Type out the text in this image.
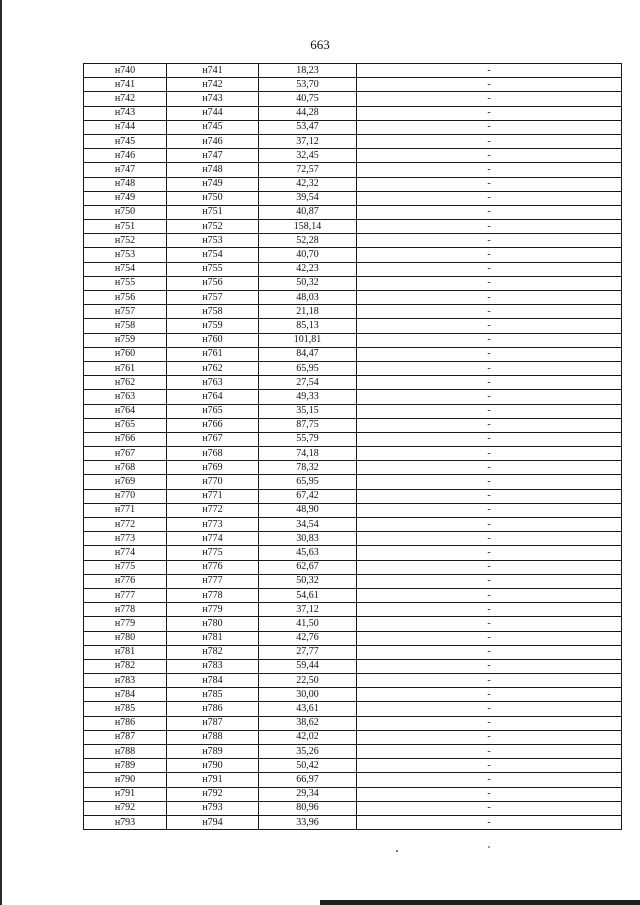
663
н740	н741	18,23	-
н741	н742	53,70	-
н742	н743	40,75	-
н743	н744	44,28	-
н744	н745	53,47	-
н745	н746	37,12	-
н746	н747	32,45	-
н747	н748	72,57	-
н748	н749	42,32	-
н749	н750	39,54	-
н750	н751	40,87	-
н751	н752	158,14	-
н752	н753	52,28	-
н753	н754	40,70	-
н754	н755	42,23	-
н755	н756	50,32	-
н756	н757	48,03	-
н757	н758	21,18	-
н758	н759	85,13	-
н759	н760	101,81	-
н760	н761	84,47	-
н761	н762	65,95	-
н762	н763	27,54	-
н763	н764	49,33	-
н764	н765	35,15	-
н765	н766	87,75	-
н766	н767	55,79	-
н767	н768	74,18	-
н768	н769	78,32	-
н769	н770	65,95	-
н770	н771	67,42	-
н771	н772	48,90	-
н772	н773	34,54	-
н773	н774	30,83	-
н774	н775	45,63	-
н775	н776	62,67	-
н776	н777	50,32	-
н777	н778	54,61	-
н778	н779	37,12	-
н779	н780	41,50	-
н780	н781	42,76	-
н781	н782	27,77	-
н782	н783	59,44	-
н783	н784	22,50	-
н784	н785	30,00	-
н785	н786	43,61	-
н786	н787	38,62	-
н787	н788	42,02	-
н788	н789	35,26	-
н789	н790	50,42	-
н790	н791	66,97	-
н791	н792	29,34	-
н792	н793	80,96	-
н793	н794	33,96	-
